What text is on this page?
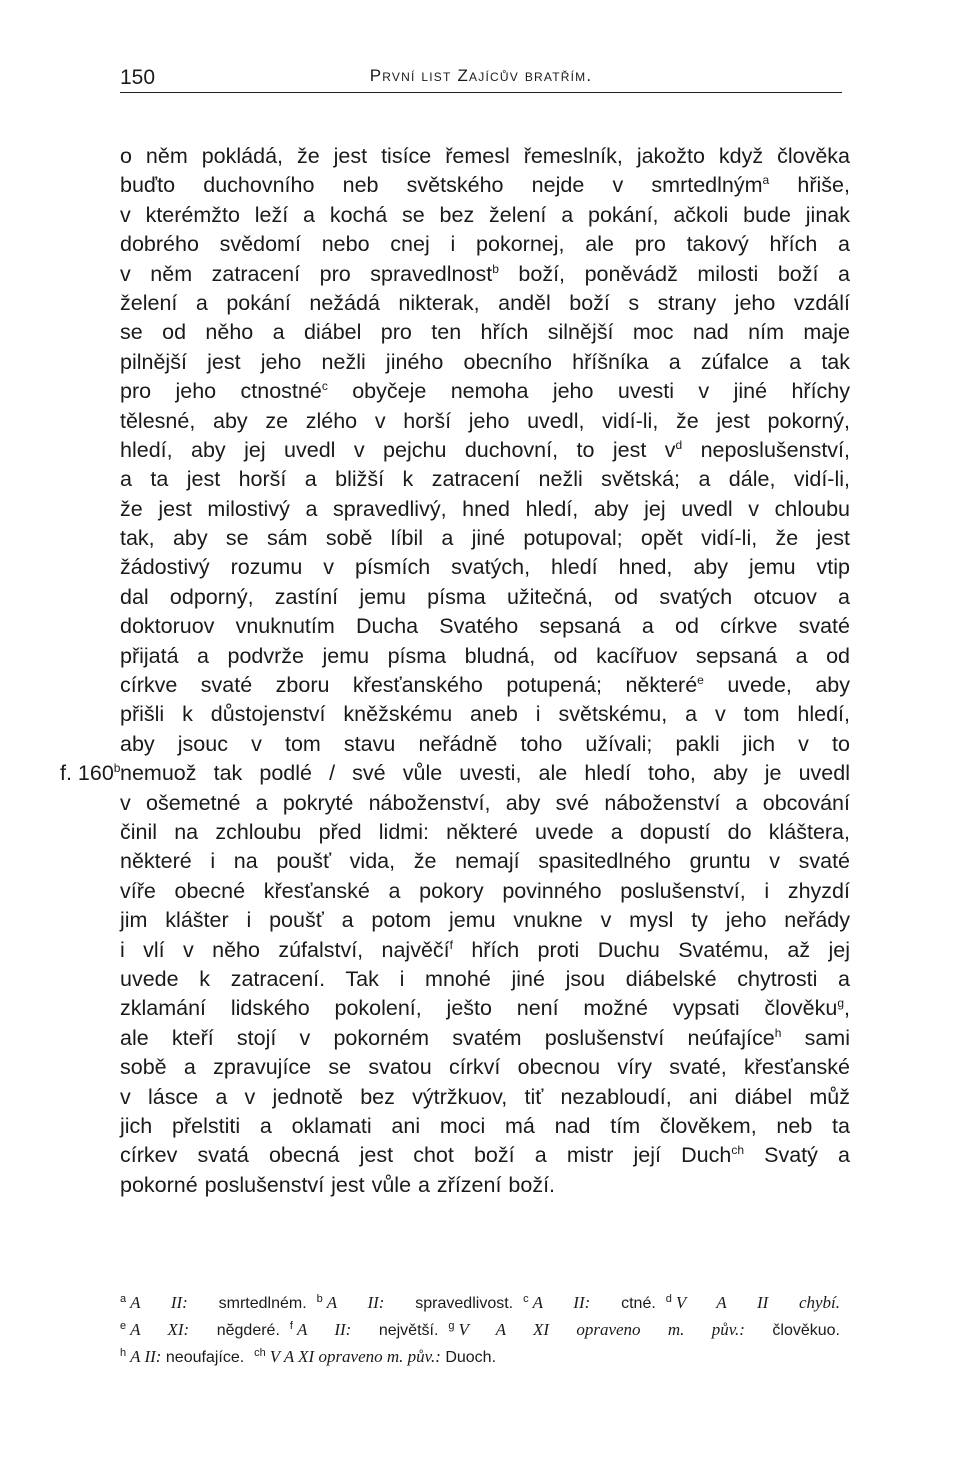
150	První list Zajícův bratřím.
f. 160$^b$
o něm pokládá, že jest tisíce řemesl řemeslník, jakožto když člověka
buďto duchovního neb světského nejde v smrtedlným$^a$ hřiše,
v kterémžto leží a kochá se bez želení a pokání, ačkoli bude jinak
dobrého svědomí nebo cnej i pokornej, ale pro takový hřích a
v něm zatracení pro spravedlnost$^b$ boží, poněvádž milosti boží a
želení a pokání nežádá nikterak, anděl boží s strany jeho vzdálí
se od něho a diábel pro ten hřích silnější moc nad ním maje
pilnější jest jeho nežli jiného obecního hříšníka a zúfalce a tak
pro jeho ctnostné$^c$ obyčeje nemoha jeho uvesti v jiné hříchy
tělesné, aby ze zlého v horší jeho uvedl, vidí-li, že jest pokorný,
hledí, aby jej uvedl v pejchu duchovní, to jest $v^d$ neposlušenství,
a ta jest horší a bližší k zatracení nežli světská; a dále, vidí-li,
že jest milostivý a spravedlivý, hned hledí, aby jej uvedl v chloubu
tak, aby se sám sobě líbil a jiné potupoval; opět vidí-li, že jest
žádostivý rozumu v písmích svatých, hledí hned, aby jemu vtip
dal odporný, zastíní jemu písma užitečná, od svatých otcuov a
doktoruov vnuknutím Ducha Svatého sepsaná a od církve svaté
přijatá a podvrže jemu písma bludná, od kacířuov sepsaná a od
církve svaté zboru křesťanského potupená; některé$^e$ uvede, aby
přišli k důstojenství kněžskému aneb i světskému, a v tom hledí,
aby jsouc v tom stavu neřádně toho užívali; pakli jich v to
nemuož tak podlé / své vůle uvesti, ale hledí toho, aby je uvedl
v ošemetné a pokryté náboženství, aby své náboženství a obcování
činil na zchloubu před lidmi: některé uvede a dopustí do kláštera,
některé i na poušť vida, že nemají spasitedlného gruntu v svaté
víře obecné křesťanské a pokory povinného poslušenství, i zhyzdí
jim klášter i poušť a potom jemu vnukne v mysl ty jeho neřády
i vlí v něho zúfalství, najvěčí$^f$ hřích proti Duchu Svatému, až jej
uvede k zatracení. Tak i mnohé jiné jsou diábelské chytrosti a
zklamání lidského pokolení, ješto není možné vypsati člověku$^g$,
ale kteří stojí v pokorném svatém poslušenství neúfajíce$^h$ sami
sobě a zpravujíce se svatou církví obecnou víry svaté, křesťanské
v lásce a v jednotě bez výtržkuov, tiť nezabloudí, ani diábel můž
jich přelstiti a oklamati ani moci má nad tím člověkem, neb ta
církev svatá obecná jest chot boží a mistr její Duch$^{ch}$ Svatý a
pokorné poslušenství jest vůle a zřízení boží.
$^a$ A II: smrtedlném. $^b$ A II: spravedlivost. $^c$ A II: ctné. $^d$ V A II chybí.
$^e$ A XI: nĕgderé. $^f$ A II: největší. $^g$ V A XI opraveno m. pův.: člověkuo.
$^h$ A II: neoufajíce. $^{ch}$ V A XI opraveno m. pův.: Duoch.
